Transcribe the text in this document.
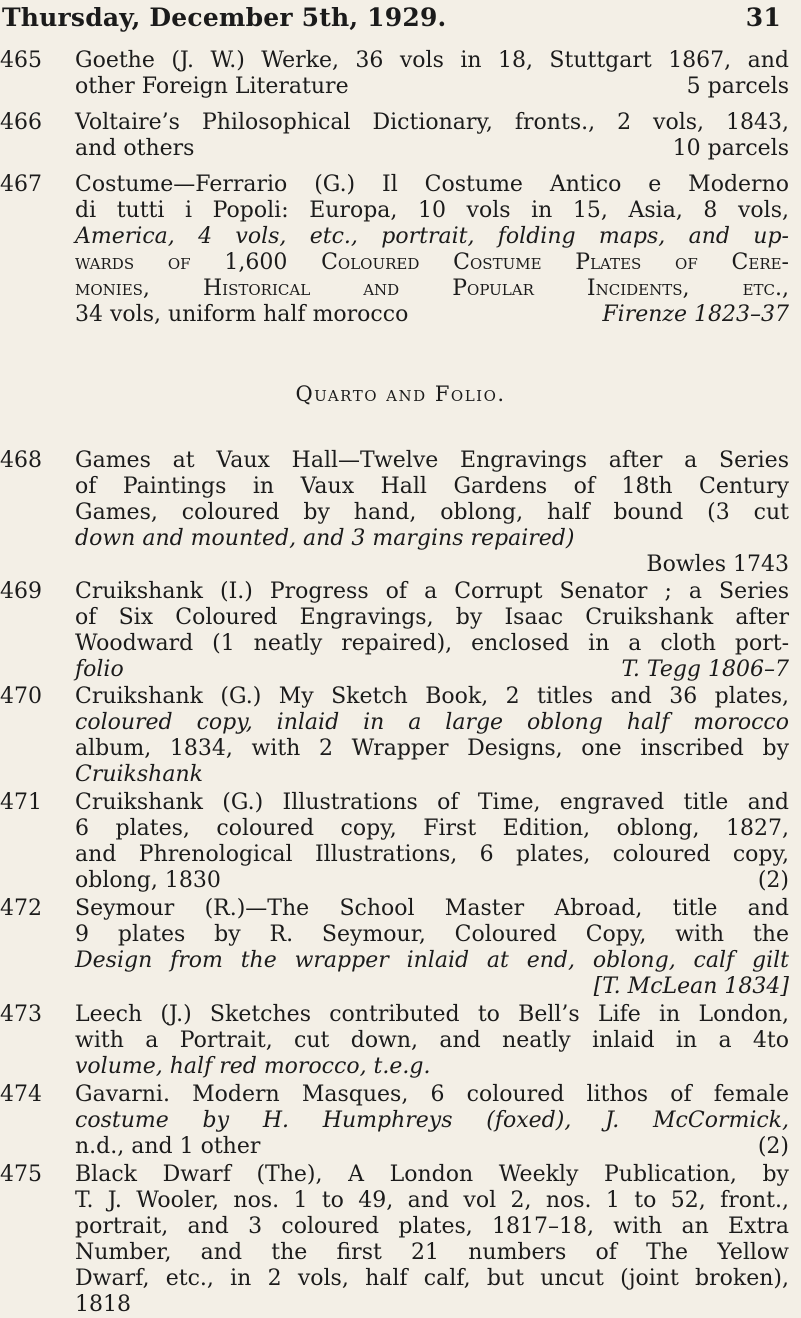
Thursday, December 5th, 1929.	31
465	Goethe (J. W.) Werke, 36 vols in 18, Stuttgart 1867, and
other Foreign Literature	5 parcels
466	Voltaire’s Philosophical Dictionary, fronts., 2 vols, 1843,
and others	10 parcels
467	Costume—Ferrario (G.) Il Costume Antico e Moderno
di tutti i Popoli: Europa, 10 vols in 15, Asia, 8 vols,
America, 4 vols, etc., portrait, folding maps, and up-
wards of 1,600 Coloured Costume Plates of Cere-
monies, Historical and Popular Incidents, etc.,
34 vols, uniform half morocco	Firenze 1823–37
Quarto and Folio.
468	Games at Vaux Hall—Twelve Engravings after a Series
of Paintings in Vaux Hall Gardens of 18th Century
Games, coloured by hand, oblong, half bound (3 cut
down and mounted, and 3 margins repaired)
Bowles 1743
469	Cruikshank (I.) Progress of a Corrupt Senator ; a Series
of Six Coloured Engravings, by Isaac Cruikshank after
Woodward (1 neatly repaired), enclosed in a cloth port-
folio	T. Tegg 1806–7
470	Cruikshank (G.) My Sketch Book, 2 titles and 36 plates,
coloured copy, inlaid in a large oblong half morocco
album, 1834, with 2 Wrapper Designs, one inscribed by
Cruikshank
471	Cruikshank (G.) Illustrations of Time, engraved title and
6 plates, coloured copy, First Edition, oblong, 1827,
and Phrenological Illustrations, 6 plates, coloured copy,
oblong, 1830	(2)
472	Seymour (R.)—The School Master Abroad, title and
9 plates by R. Seymour, Coloured Copy, with the
Design from the wrapper inlaid at end, oblong, calf gilt
[T. McLean 1834]
473	Leech (J.) Sketches contributed to Bell’s Life in London,
with a Portrait, cut down, and neatly inlaid in a 4to
volume, half red morocco, t.e.g.
474	Gavarni. Modern Masques, 6 coloured lithos of female
costume by H. Humphreys (foxed), J. McCormick,
n.d., and 1 other	(2)
475	Black Dwarf (The), A London Weekly Publication, by
T. J. Wooler, nos. 1 to 49, and vol 2, nos. 1 to 52, front.,
portrait, and 3 coloured plates, 1817–18, with an Extra
Number, and the first 21 numbers of The Yellow
Dwarf, etc., in 2 vols, half calf, but uncut (joint broken),
1818
